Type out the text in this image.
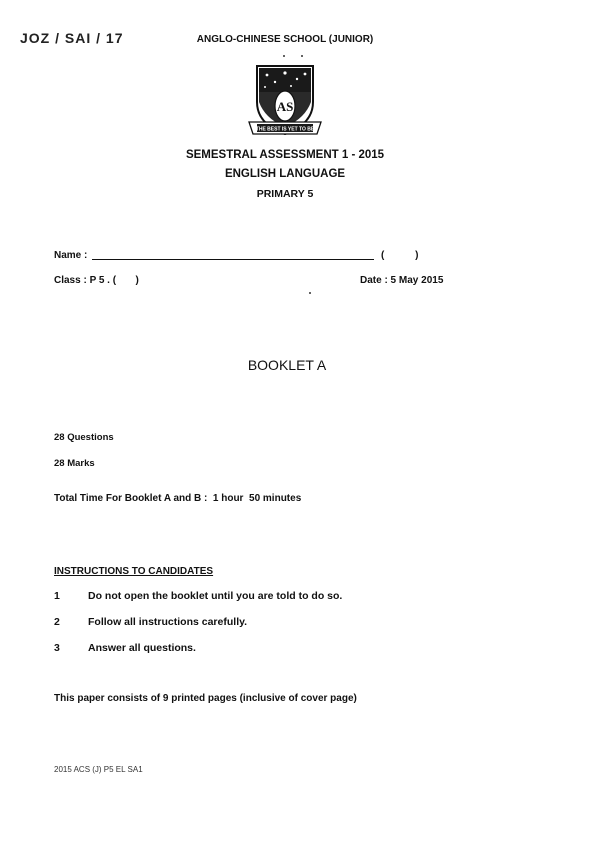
JOZ / SAI / 17	ANGLO-CHINESE SCHOOL (JUNIOR)
AS
THE BEST IS YET TO BE
SEMESTRAL ASSESSMENT 1 - 2015
ENGLISH LANGUAGE
PRIMARY 5
Name :	( )
Class : P 5 . (       )	Date : 5 May 2015
BOOKLET A
28 Questions
28 Marks
Total Time For Booklet A and B :  1 hour  50 minutes
INSTRUCTIONS TO CANDIDATES
1	Do not open the booklet until you are told to do so.
2	Follow all instructions carefully.
3	Answer all questions.
This paper consists of 9 printed pages (inclusive of cover page)
2015 ACS (J) P5 EL SA1
